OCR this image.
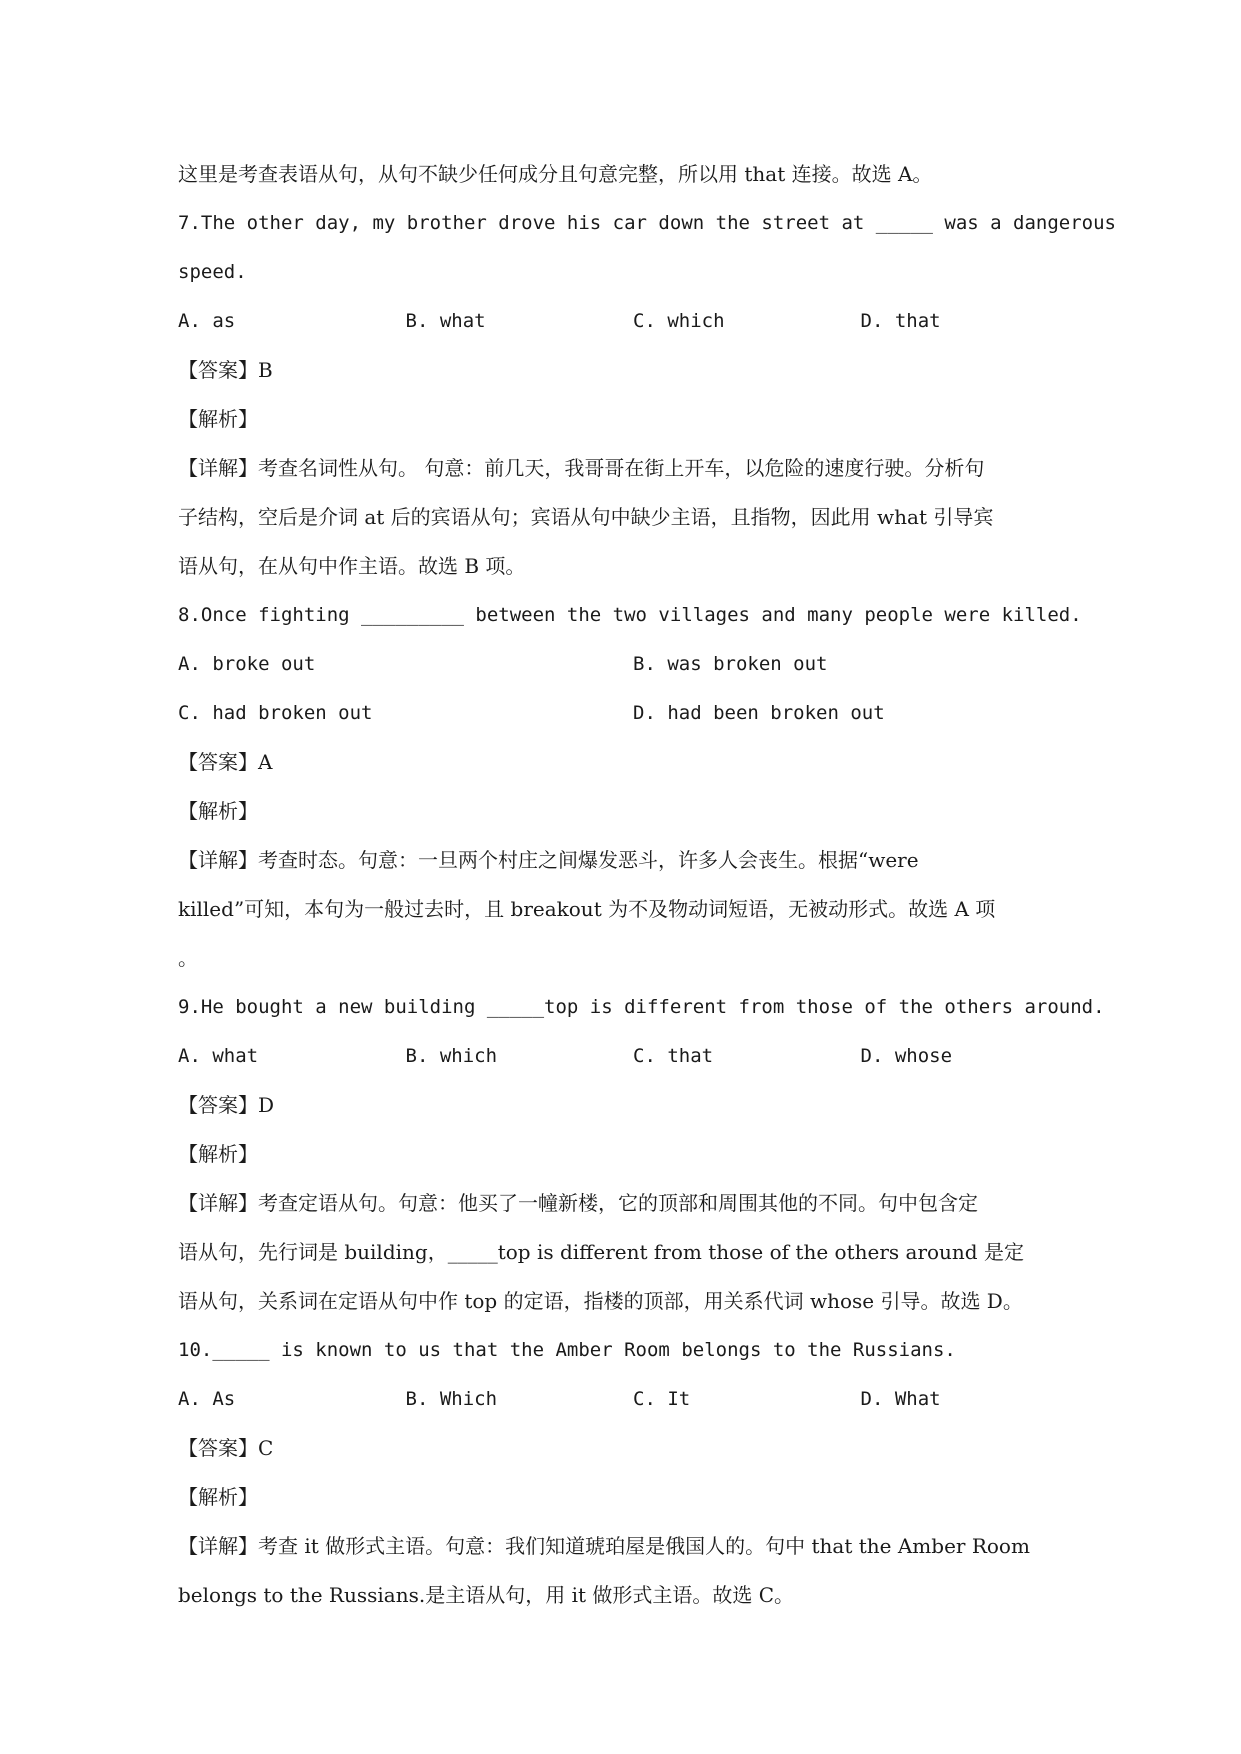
这里是考查表语从句，从句不缺少任何成分且句意完整，所以用 that 连接。故选 A。
7.The other day, my brother drove his car down the street at _____ was a dangerous
speed.
A. as	B. what	C. which	D. that
【答案】B
【解析】
【详解】考查名词性从句。 句意：前几天，我哥哥在街上开车，以危险的速度行驶。分析句
子结构，空后是介词 at 后的宾语从句；宾语从句中缺少主语，且指物，因此用 what 引导宾
语从句，在从句中作主语。故选 B 项。
8.Once fighting _________ between the two villages and many people were killed.
A. broke out	B. was broken out
C. had broken out	D. had been broken out
【答案】A
【解析】
【详解】考查时态。句意：一旦两个村庄之间爆发恶斗，许多人会丧生。根据“were
killed”可知，本句为一般过去时，且 breakout 为不及物动词短语，无被动形式。故选 A 项
。
9.He bought a new building _____top is different from those of the others around.
A. what	B. which	C. that	D. whose
【答案】D
【解析】
【详解】考查定语从句。句意：他买了一幢新楼，它的顶部和周围其他的不同。句中包含定
语从句，先行词是 building，_____top is different from those of the others around 是定
语从句，关系词在定语从句中作 top 的定语，指楼的顶部，用关系代词 whose 引导。故选 D。
10._____ is known to us that the Amber Room belongs to the Russians.
A. As	B. Which	C. It	D. What
【答案】C
【解析】
【详解】考查 it 做形式主语。句意：我们知道琥珀屋是俄国人的。句中 that the Amber Room
belongs to the Russians.是主语从句，用 it 做形式主语。故选 C。
